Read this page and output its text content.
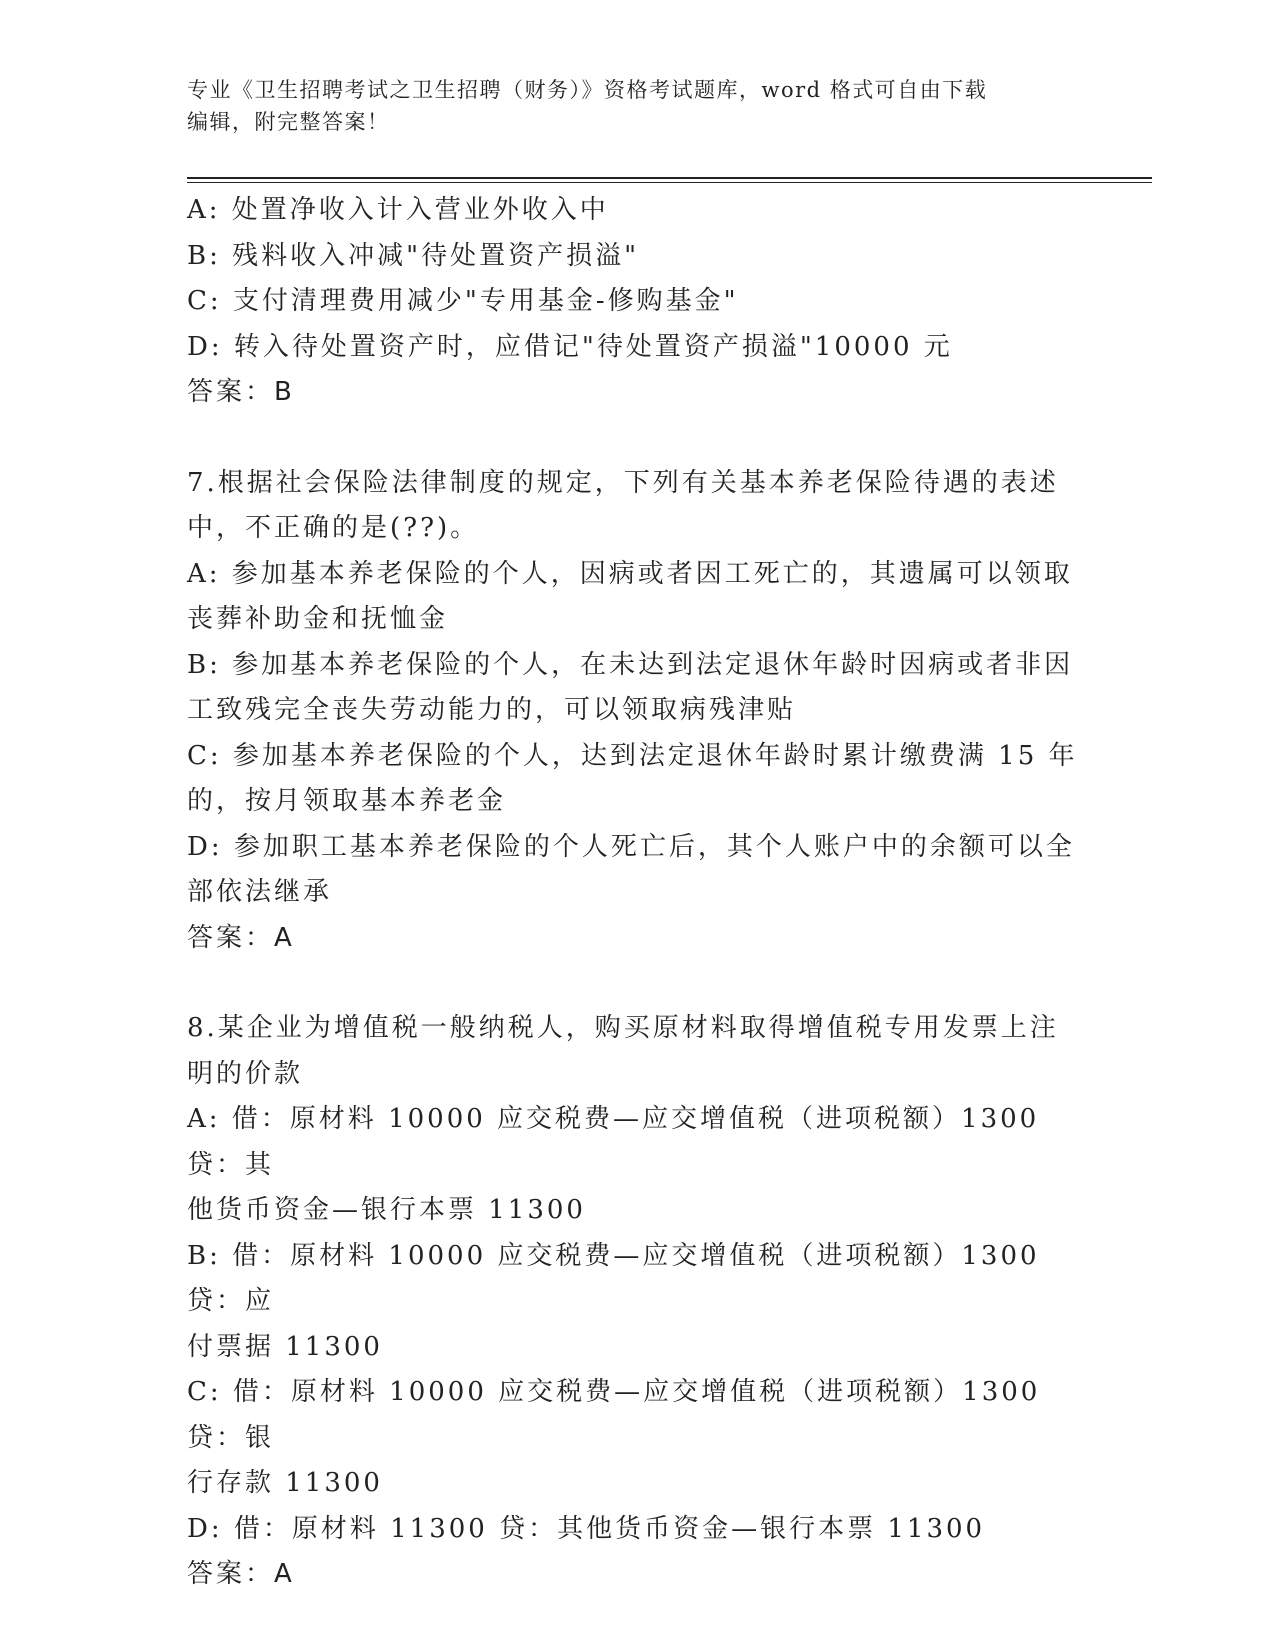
专业《卫生招聘考试之卫生招聘（财务）》资格考试题库，word 格式可自由下载
编辑，附完整答案！
A: 处置净收入计入营业外收入中
B: 残料收入冲减"待处置资产损溢"
C: 支付清理费用减少"专用基金-修购基金"
D: 转入待处置资产时，应借记"待处置资产损溢"10000 元
答案：B
7.根据社会保险法律制度的规定，下列有关基本养老保险待遇的表述
中，不正确的是(??)。
A: 参加基本养老保险的个人，因病或者因工死亡的，其遗属可以领取
丧葬补助金和抚恤金
B: 参加基本养老保险的个人，在未达到法定退休年龄时因病或者非因
工致残完全丧失劳动能力的，可以领取病残津贴
C: 参加基本养老保险的个人，达到法定退休年龄时累计缴费满 15 年
的，按月领取基本养老金
D: 参加职工基本养老保险的个人死亡后，其个人账户中的余额可以全
部依法继承
答案：A
8.某企业为增值税一般纳税人，购买原材料取得增值税专用发票上注
明的价款
A: 借：原材料 10000 应交税费—应交增值税（进项税额）1300 贷：其
他货币资金—银行本票 11300
B: 借：原材料 10000 应交税费—应交增值税（进项税额）1300 贷：应
付票据 11300
C: 借：原材料 10000 应交税费—应交增值税（进项税额）1300 贷：银
行存款 11300
D: 借：原材料 11300 贷：其他货币资金—银行本票 11300
答案：A
